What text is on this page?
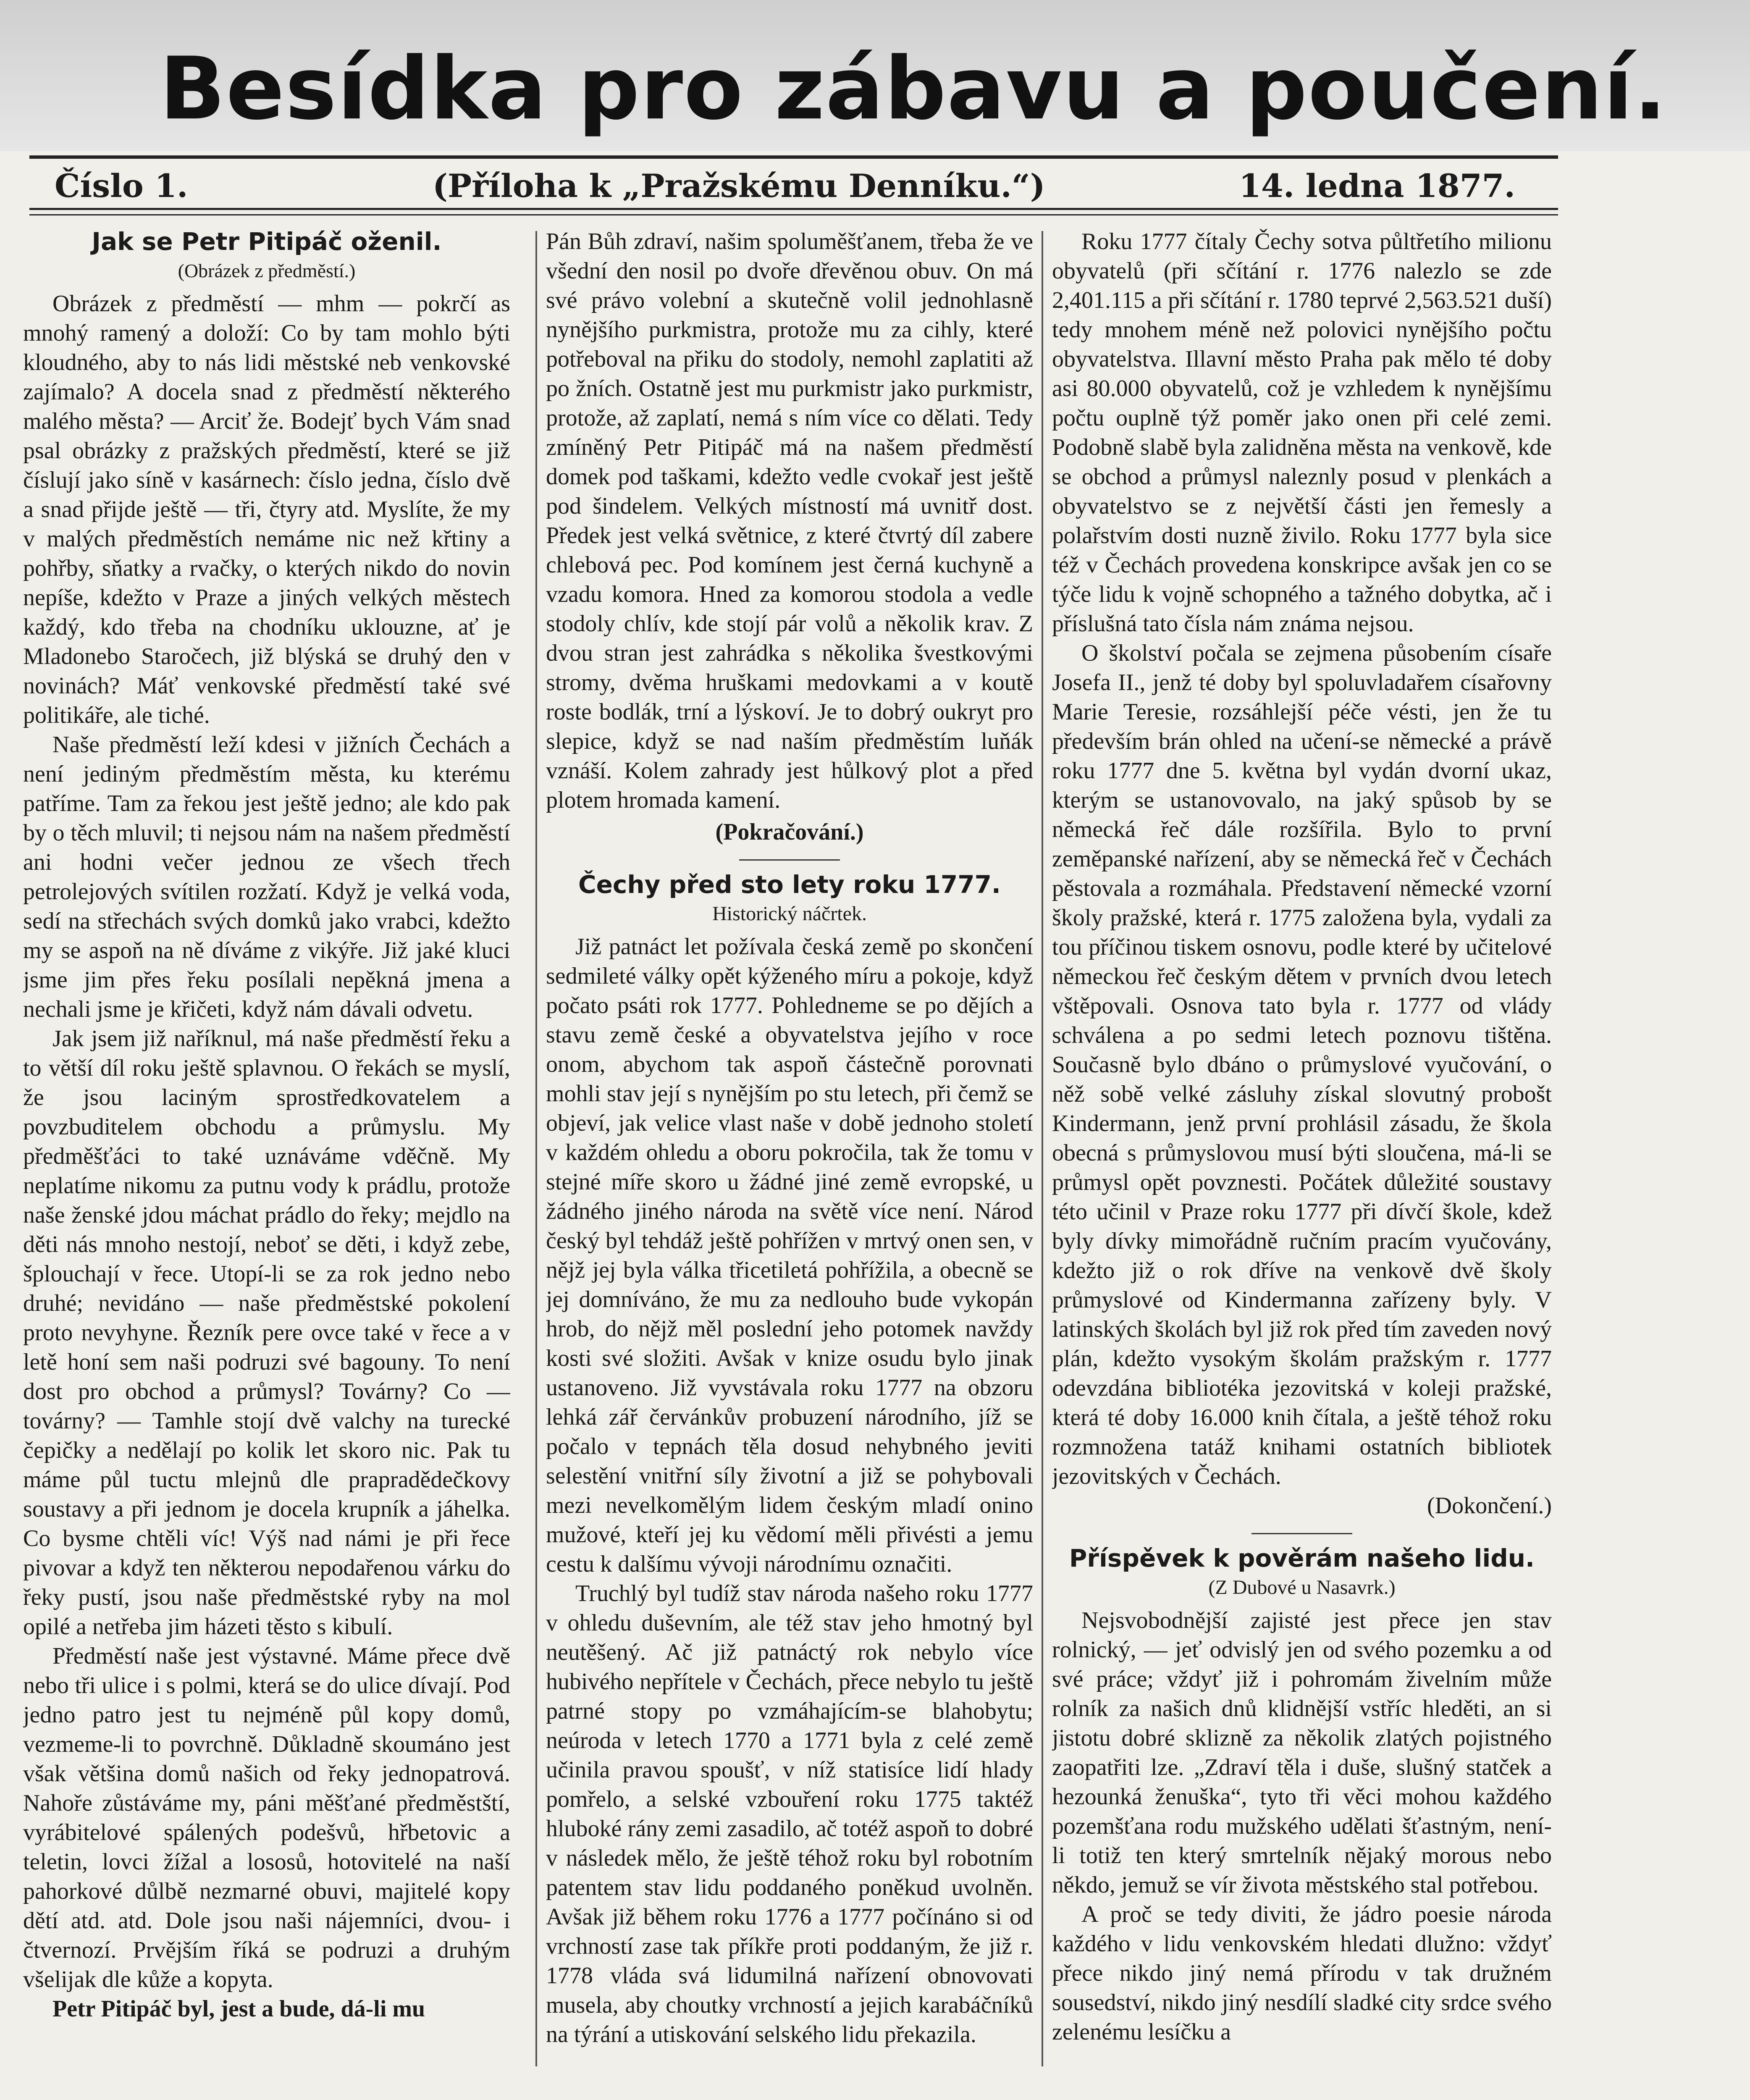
Besídka pro zábavu a poučení.
Číslo 1.	(Příloha k „Pražskému Denníku.“)	14. ledna 1877.

Jak se Petr Pitipáč oženil.

(Obrázek z předměstí.)

Obrázek z předměstí — mhm — pokrčí as mnohý ramený a doloží: Co by tam mohlo býti kloudného, aby to nás lidi městské neb venkovské zajímalo? A docela snad z předměstí některého malého města? — Arciť že. Bodejť bych Vám snad psal obrázky z pražských předměstí, které se již číslují jako síně v kasárnech: číslo jedna, číslo dvě a snad přijde ještě — tři, čtyry atd. Myslíte, že my v malých předměstích nemáme nic než křtiny a pohřby, sňatky a rvačky, o kterých nikdo do novin nepíše, kdežto v Praze a jiných velkých městech každý, kdo třeba na chodníku uklouzne, ať je Mladonebo Staročech, již blýská se druhý den v novinách? Máť venkovské předměstí také své politikáře, ale tiché.

Naše předměstí leží kdesi v jižních Čechách a není jediným předměstím města, ku kterému patříme. Tam za řekou jest ještě jedno; ale kdo pak by o těch mluvil; ti nejsou nám na našem předměstí ani hodni večer jednou ze všech třech petrolejových svítilen rozžatí. Když je velká voda, sedí na střechách svých domků jako vrabci, kdežto my se aspoň na ně díváme z vikýře. Již jaké kluci jsme jim přes řeku posílali nepěkná jmena a nechali jsme je křičeti, když nám dávali odvetu.

Jak jsem již naříknul, má naše předměstí řeku a to větší díl roku ještě splavnou. O řekách se myslí, že jsou laciným sprostředkovatelem a povzbuditelem obchodu a průmyslu. My předměšťáci to také uznáváme vděčně. My neplatíme nikomu za putnu vody k prádlu, protože naše ženské jdou máchat prádlo do řeky; mejdlo na děti nás mnoho nestojí, neboť se děti, i když zebe, šplouchají v řece. Utopí-li se za rok jedno nebo druhé; nevidáno — naše předměstské pokolení proto nevyhyne. Řezník pere ovce také v řece a v letě honí sem naši podruzi své bagouny. To není dost pro obchod a průmysl? Továrny? Co — továrny? — Tamhle stojí dvě valchy na turecké čepičky a nedělají po kolik let skoro nic. Pak tu máme půl tuctu mlejnů dle prapradědečkovy soustavy a při jednom je docela krupník a jáhelka. Co bysme chtěli víc! Výš nad námi je při řece pivovar a když ten některou nepodařenou várku do řeky pustí, jsou naše předměstské ryby na mol opilé a netřeba jim házeti těsto s kibulí.

Předměstí naše jest výstavné. Máme přece dvě nebo tři ulice i s polmi, která se do ulice dívají. Pod jedno patro jest tu nejméně půl kopy domů, vezmeme-li to povrchně. Důkladně skoumáno jest však většina domů našich od řeky jednopatrová. Nahoře zůstáváme my, páni měšťané předměstští, vyrábitelové spálených podešvů, hřbetovic a teletin, lovci žížal a lososů, hotovitelé na naší pahorkové důlbě nezmarné obuvi, majitelé kopy dětí atd. atd. Dole jsou naši nájemníci, dvou- i čtvernozí. Prvějším říká se podruzi a druhým všelijak dle kůže a kopyta.

Petr Pitipáč byl, jest a bude, dá-li mu

Pán Bůh zdraví, našim spoluměšťanem, třeba že ve všední den nosil po dvoře dřevěnou obuv. On má své právo volební a skutečně volil jednohlasně nynějšího purkmistra, protože mu za cihly, které potřeboval na přiku do stodoly, nemohl zaplatiti až po žních. Ostatně jest mu purkmistr jako purkmistr, protože, až zaplatí, nemá s ním více co dělati. Tedy zmíněný Petr Pitipáč má na našem předměstí domek pod taškami, kdežto vedle cvokař jest ještě pod šindelem. Velkých místností má uvnitř dost. Předek jest velká světnice, z které čtvrtý díl zabere chlebová pec. Pod komínem jest černá kuchyně a vzadu komora. Hned za komorou stodola a vedle stodoly chlív, kde stojí pár volů a několik krav. Z dvou stran jest zahrádka s několika švestkovými stromy, dvěma hruškami medovkami a v koutě roste bodlák, trní a lýskoví. Je to dobrý oukryt pro slepice, když se nad naším předměstím luňák vznáší. Kolem zahrady jest hůlkový plot a před plotem hromada kamení.

(Pokračování.)

Čechy před sto lety roku 1777.

Historický náčrtek.

Již patnáct let požívala česká země po skončení sedmileté války opět kýženého míru a pokoje, když počato psáti rok 1777. Pohledneme se po dějích a stavu země české a obyvatelstva jejího v roce onom, abychom tak aspoň částečně porovnati mohli stav její s nynějším po stu letech, při čemž se objeví, jak velice vlast naše v době jednoho století v každém ohledu a oboru pokročila, tak že tomu v stejné míře skoro u žádné jiné země evropské, u žádného jiného národa na světě více není. Národ český byl tehdáž ještě pohřížen v mrtvý onen sen, v nějž jej byla válka třicetiletá pohřížila, a obecně se jej domníváno, že mu za nedlouho bude vykopán hrob, do nějž měl poslední jeho potomek navždy kosti své složiti. Avšak v knize osudu bylo jinak ustanoveno. Již vyvstávala roku 1777 na obzoru lehká zář červánkův probuzení národního, jíž se počalo v tepnách těla dosud nehybného jeviti selestění vnitřní síly životní a již se pohybovali mezi nevelkomělým lidem českým mladí onino mužové, kteří jej ku vědomí měli přivésti a jemu cestu k dalšímu vývoji národnímu označiti.

Truchlý byl tudíž stav národa našeho roku 1777 v ohledu duševním, ale též stav jeho hmotný byl neutěšený. Ač již patnáctý rok nebylo více hubivého nepřítele v Čechách, přece nebylo tu ještě patrné stopy po vzmáhajícím-se blahobytu; neúroda v letech 1770 a 1771 byla z celé země učinila pravou spoušť, v níž statisíce lidí hlady pomřelo, a selské vzbouření roku 1775 taktéž hluboké rány zemi zasadilo, ač totéž aspoň to dobré v následek mělo, že ještě téhož roku byl robotním patentem stav lidu poddaného poněkud uvolněn. Avšak již během roku 1776 a 1777 počínáno si od vrchností zase tak příkře proti poddaným, že již r. 1778 vláda svá lidumilná nařízení obnovovati musela, aby choutky vrchností a jejich karabáčníků na týrání a utiskování selského lidu překazila.

Roku 1777 čítaly Čechy sotva půltřetího milionu obyvatelů (při sčítání r. 1776 nalezlo se zde 2,401.115 a při sčítání r. 1780 teprvé 2,563.521 duší) tedy mnohem méně než polovici nynějšího počtu obyvatelstva. Illavní město Praha pak mělo té doby asi 80.000 obyvatelů, což je vzhledem k nynějšímu počtu ouplně týž poměr jako onen při celé zemi. Podobně slabě byla zalidněna města na venkově, kde se obchod a průmysl naleznly posud v plenkách a obyvatelstvo se z největší části jen řemesly a polařstvím dosti nuzně živilo. Roku 1777 byla sice též v Čechách provedena konskripce avšak jen co se týče lidu k vojně schopného a tažného dobytka, ač i příslušná tato čísla nám známa nejsou.

O školství počala se zejmena působením císaře Josefa II., jenž té doby byl spoluvladařem císařovny Marie Teresie, rozsáhlejší péče vésti, jen že tu především brán ohled na učení-se německé a právě roku 1777 dne 5. května byl vydán dvorní ukaz, kterým se ustanovovalo, na jaký spůsob by se německá řeč dále rozšířila. Bylo to první zeměpanské nařízení, aby se německá řeč v Čechách pěstovala a rozmáhala. Představení německé vzorní školy pražské, která r. 1775 založena byla, vydali za tou příčinou tiskem osnovu, podle které by učitelové německou řeč českým dětem v prvních dvou letech vštěpovali. Osnova tato byla r. 1777 od vlády schválena a po sedmi letech poznovu tištěna. Současně bylo dbáno o průmyslové vyučování, o něž sobě velké zásluhy získal slovutný probošt Kindermann, jenž první prohlásil zásadu, že škola obecná s průmyslovou musí býti sloučena, má-li se průmysl opět povznesti. Počátek důležité soustavy této učinil v Praze roku 1777 při dívčí škole, kdež byly dívky mimořádně ručním pracím vyučovány, kdežto již o rok dříve na venkově dvě školy průmyslové od Kindermanna zařízeny byly. V latinských školách byl již rok před tím zaveden nový plán, kdežto vysokým školám pražským r. 1777 odevzdána bibliotéka jezovitská v koleji pražské, která té doby 16.000 knih čítala, a ještě téhož roku rozmnožena tatáž knihami ostatních bibliotek jezovitských v Čechách.

(Dokončení.)

Příspěvek k pověrám našeho lidu.

(Z Dubové u Nasavrk.)

Nejsvobodnější zajisté jest přece jen stav rolnický, — jeť odvislý jen od svého pozemku a od své práce; vždyť již i pohromám živelním může rolník za našich dnů klidnější vstříc hleděti, an si jistotu dobré sklizně za několik zlatých pojistného zaopatřiti lze. „Zdraví těla i duše, slušný statček a hezounká ženuška“, tyto tři věci mohou každého pozemšťana rodu mužského udělati šťastným, není-li totiž ten který smrtelník nějaký morous nebo někdo, jemuž se vír života městského stal potřebou.

A proč se tedy diviti, že jádro poesie národa každého v lidu venkovském hledati dlužno: vždyť přece nikdo jiný nemá přírodu v tak družném sousedství, nikdo jiný nesdílí sladké city srdce svého zelenému lesíčku a
